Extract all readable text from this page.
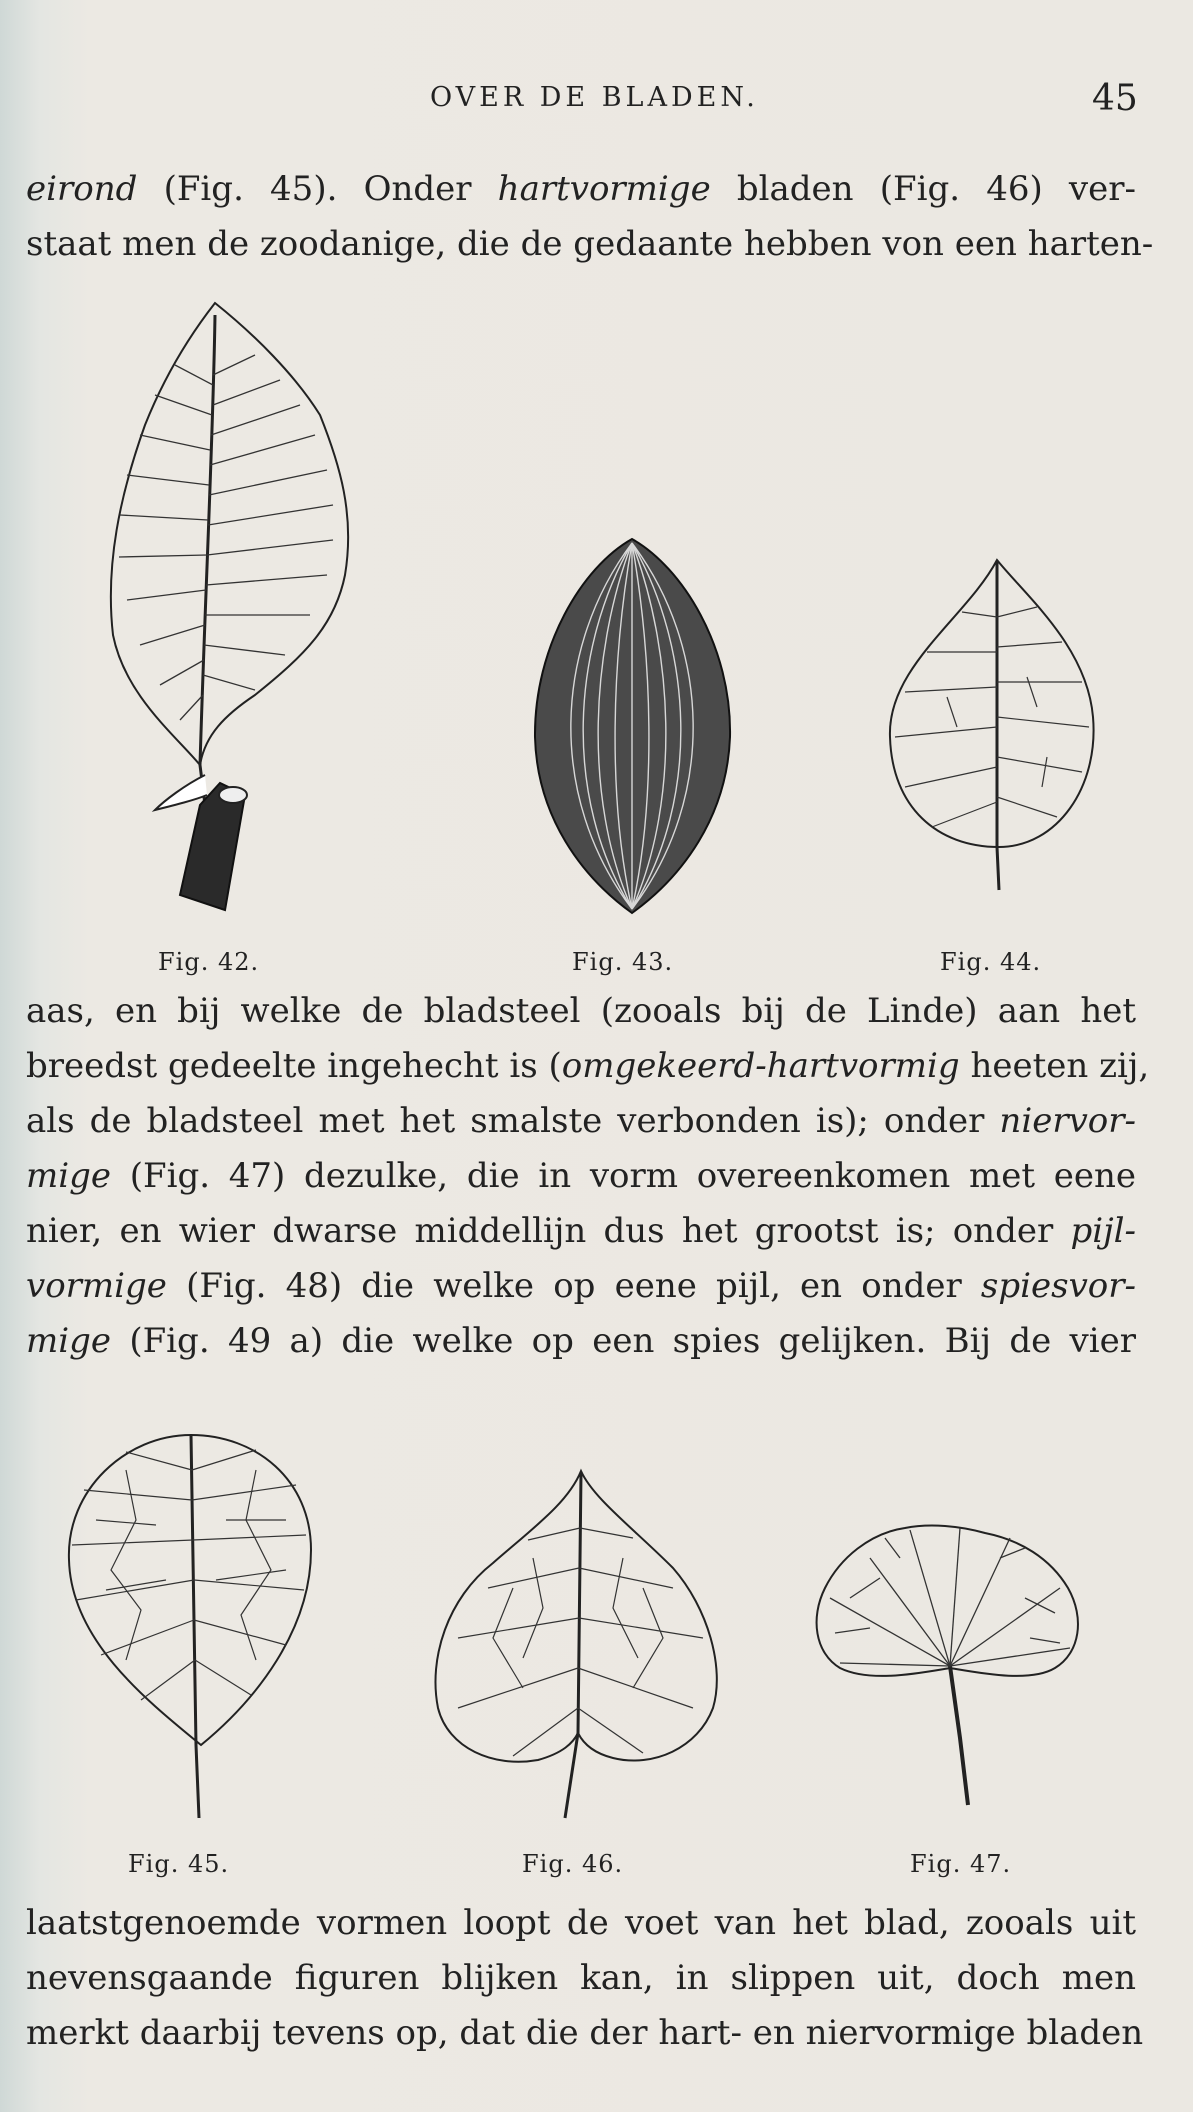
OVER DE BLADEN.	45
eirond (Fig. 45). Onder hartvormige bladen (Fig. 46) ver-
staat men de zoodanige, die de gedaante hebben von een harten-
Fig. 42.	Fig. 43.	Fig. 44.
aas, en bij welke de bladsteel (zooals bij de Linde) aan het
breedst gedeelte ingehecht is (omgekeerd-hartvormig heeten zij,
als de bladsteel met het smalste verbonden is); onder niervor-
mige (Fig. 47) dezulke, die in vorm overeenkomen met eene
nier, en wier dwarse middellijn dus het grootst is; onder pijl-
vormige (Fig. 48) die welke op eene pijl, en onder spiesvor-
mige (Fig. 49 a) die welke op een spies gelijken. Bij de vier
Fig. 45.	Fig. 46.	Fig. 47.
laatstgenoemde vormen loopt de voet van het blad, zooals uit
nevensgaande figuren blijken kan, in slippen uit, doch men
merkt daarbij tevens op, dat die der hart- en niervormige bladen
